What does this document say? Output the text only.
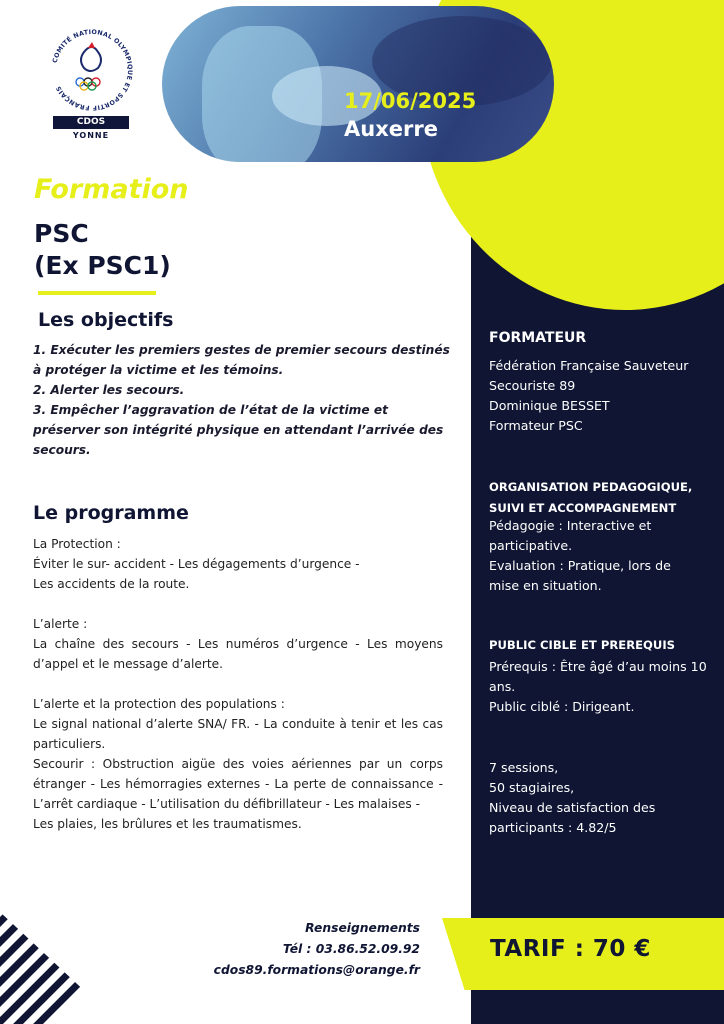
COMITÉ NATIONAL OLYMPIQUE ET SPORTIF FRANÇAIS
CDOS
YONNE
17/06/2025
Auxerre
Formation
PSC
(Ex PSC1)
Les objectifs
1. Exécuter les premiers gestes de premier secours destinés à protéger la victime et les témoins.
2. Alerter les secours.
3. Empêcher l’aggravation de l’état de la victime et préserver son intégrité physique en attendant l’arrivée des secours.
Le programme
La Protection :
Éviter le sur- accident - Les dégagements d’urgence -
Les accidents de la route.
L’alerte :
La chaîne des secours - Les numéros d’urgence - Les moyens d’appel et le message d’alerte.
L’alerte et la protection des populations :
Le signal national d’alerte SNA/ FR. - La conduite à tenir et les cas particuliers.
Secourir : Obstruction aigüe des voies aériennes par un corps étranger - Les hémorragies externes - La perte de connaissance - L’arrêt cardiaque - L’utilisation du défibrillateur - Les malaises -
Les plaies, les brûlures et les traumatismes.
FORMATEUR
Fédération Française Sauveteur
Secouriste 89
Dominique BESSET
Formateur PSC
ORGANISATION PEDAGOGIQUE, SUIVI ET ACCOMPAGNEMENT
Pédagogie : Interactive et participative.
Evaluation : Pratique, lors de mise en situation.
PUBLIC CIBLE ET PREREQUIS
Prérequis : Être âgé d’au moins 10 ans.
Public ciblé : Dirigeant.
7 sessions,
50 stagiaires,
Niveau de satisfaction des participants : 4.82/5
Renseignements
Tél : 03.86.52.09.92
cdos89.formations@orange.fr
TARIF : 70 €
